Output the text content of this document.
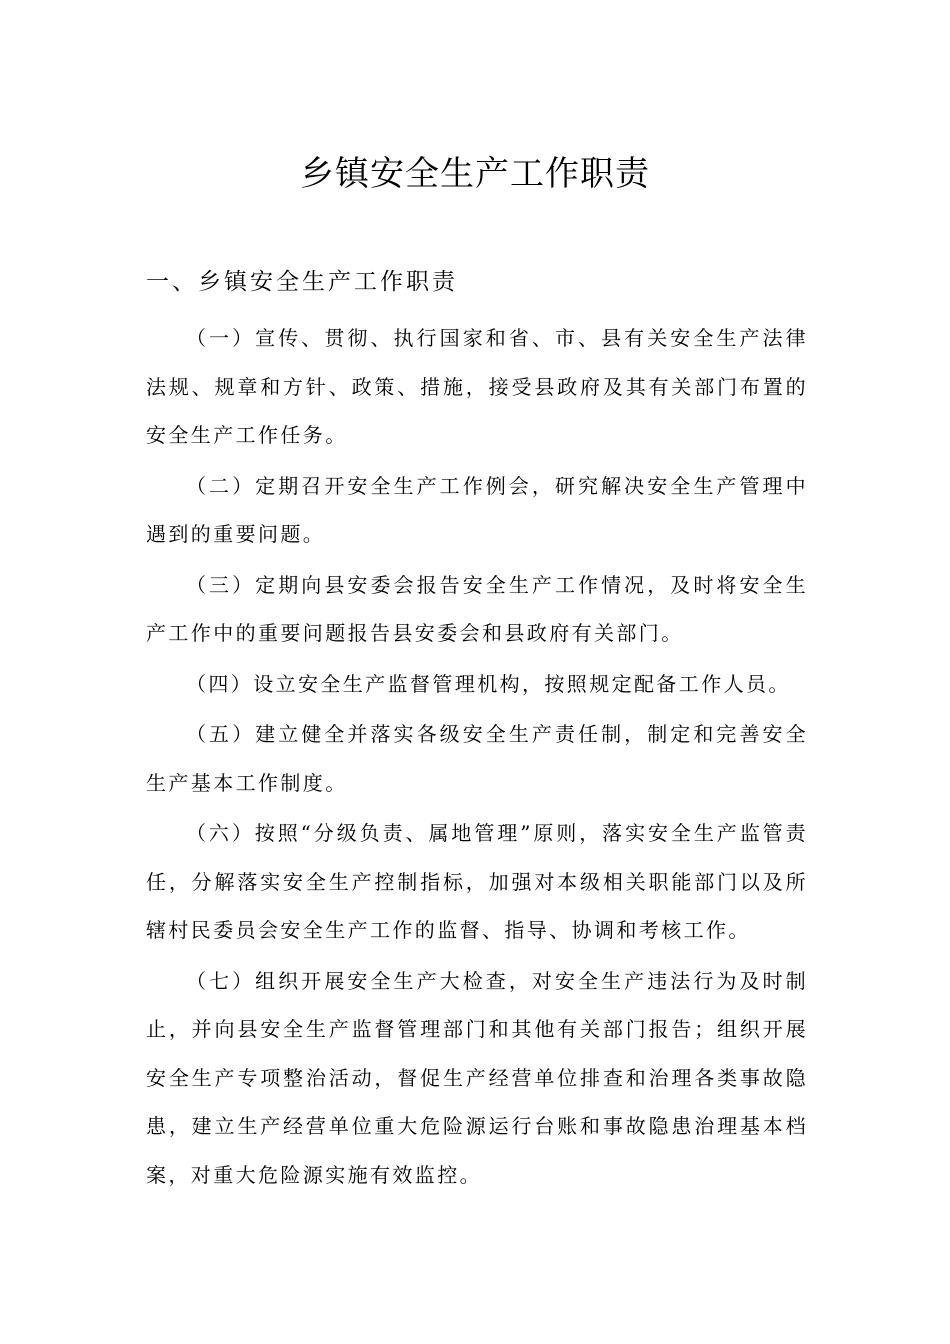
乡镇安全生产工作职责
一、乡镇安全生产工作职责

（一）宣传、贯彻、执行国家和省、市、县有关安全生产法律法规、规章和方针、政策、措施，接受县政府及其有关部门布置的安全生产工作任务。

（二）定期召开安全生产工作例会，研究解决安全生产管理中遇到的重要问题。

（三）定期向县安委会报告安全生产工作情况，及时将安全生产工作中的重要问题报告县安委会和县政府有关部门。

（四）设立安全生产监督管理机构，按照规定配备工作人员。

（五）建立健全并落实各级安全生产责任制，制定和完善安全生产基本工作制度。

（六）按照“分级负责、属地管理”原则，落实安全生产监管责任，分解落实安全生产控制指标，加强对本级相关职能部门以及所辖村民委员会安全生产工作的监督、指导、协调和考核工作。

（七）组织开展安全生产大检查，对安全生产违法行为及时制止，并向县安全生产监督管理部门和其他有关部门报告；组织开展安全生产专项整治活动，督促生产经营单位排查和治理各类事故隐患，建立生产经营单位重大危险源运行台账和事故隐患治理基本档案，对重大危险源实施有效监控。
